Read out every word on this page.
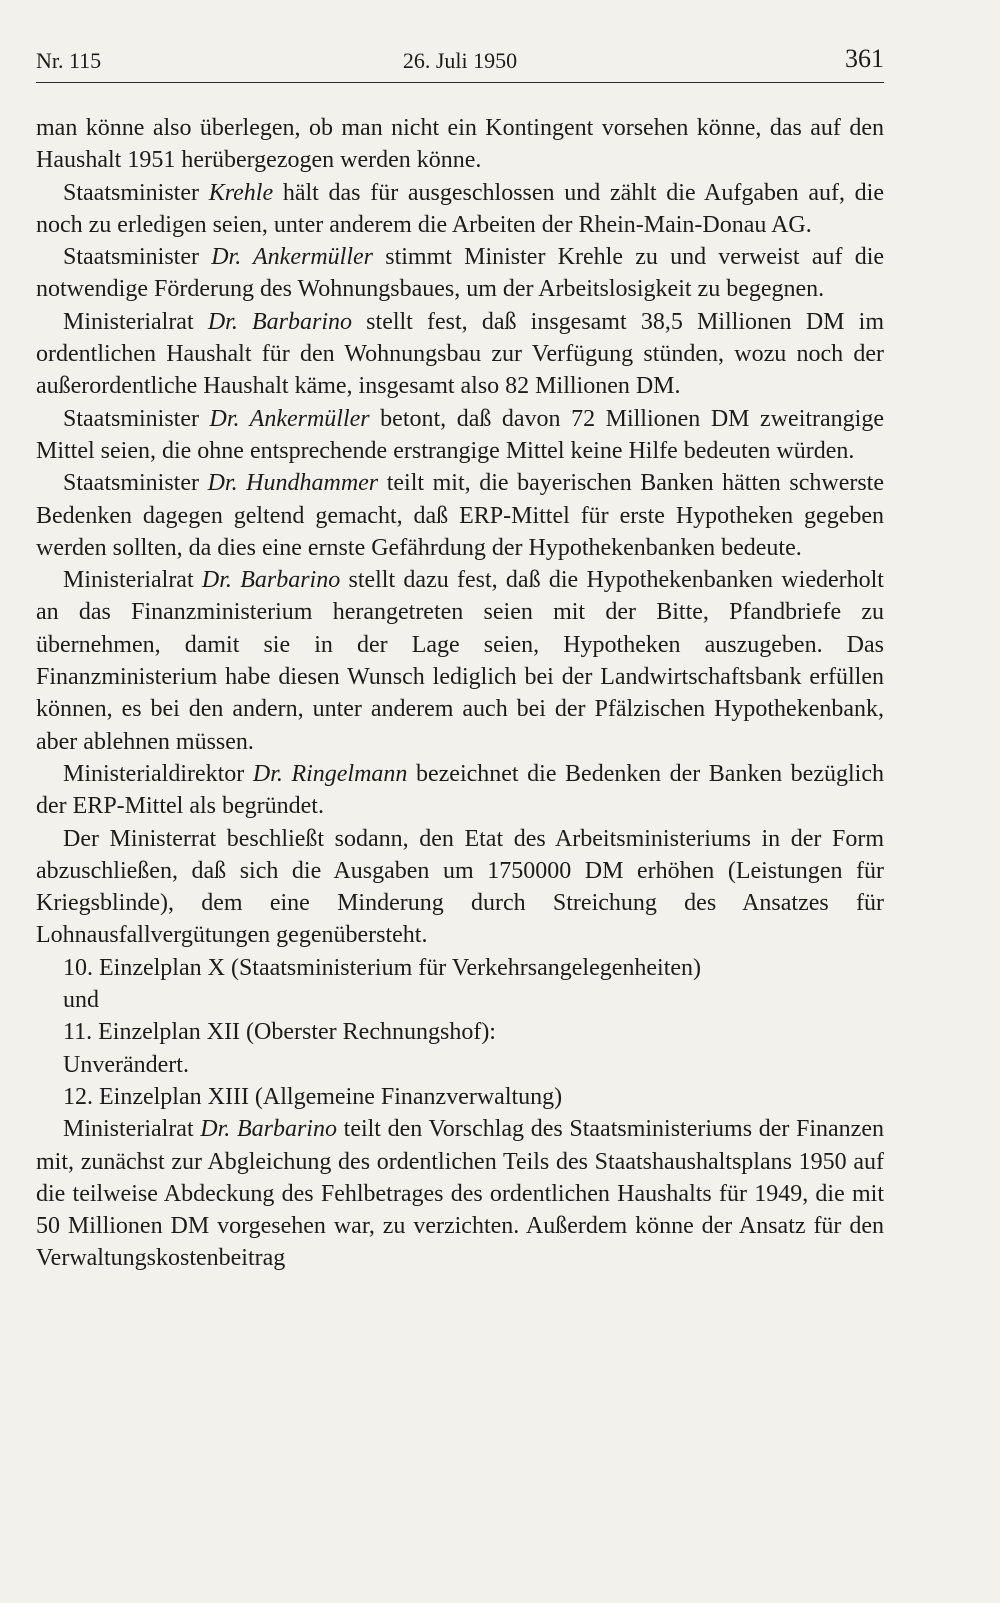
Nr. 115	26. Juli 1950	361

man könne also überlegen, ob man nicht ein Kontingent vorsehen könne, das auf den Haushalt 1951 herübergezogen werden könne.

Staatsminister Krehle hält das für ausgeschlossen und zählt die Aufgaben auf, die noch zu erledigen seien, unter anderem die Arbeiten der Rhein-Main-Donau AG.

Staatsminister Dr. Ankermüller stimmt Minister Krehle zu und verweist auf die notwendige Förderung des Wohnungsbaues, um der Arbeitslosigkeit zu begegnen.

Ministerialrat Dr. Barbarino stellt fest, daß insgesamt 38,5 Millionen DM im ordentlichen Haushalt für den Wohnungsbau zur Verfügung stünden, wozu noch der außerordentliche Haushalt käme, insgesamt also 82 Millionen DM.

Staatsminister Dr. Ankermüller betont, daß davon 72 Millionen DM zweitrangige Mittel seien, die ohne entsprechende erstrangige Mittel keine Hilfe bedeuten würden.

Staatsminister Dr. Hundhammer teilt mit, die bayerischen Banken hätten schwerste Bedenken dagegen geltend gemacht, daß ERP-Mittel für erste Hypotheken gegeben werden sollten, da dies eine ernste Gefährdung der Hypothekenbanken bedeute.

Ministerialrat Dr. Barbarino stellt dazu fest, daß die Hypothekenbanken wiederholt an das Finanzministerium herangetreten seien mit der Bitte, Pfandbriefe zu übernehmen, damit sie in der Lage seien, Hypotheken auszugeben. Das Finanzministerium habe diesen Wunsch lediglich bei der Landwirtschaftsbank erfüllen können, es bei den andern, unter anderem auch bei der Pfälzischen Hypothekenbank, aber ablehnen müssen.

Ministerialdirektor Dr. Ringelmann bezeichnet die Bedenken der Banken bezüglich der ERP-Mittel als begründet.

Der Ministerrat beschließt sodann, den Etat des Arbeitsministeriums in der Form abzuschließen, daß sich die Ausgaben um 1750000 DM erhöhen (Leistungen für Kriegsblinde), dem eine Minderung durch Streichung des Ansatzes für Lohnausfallvergütungen gegenübersteht.

10. Einzelplan X (Staatsministerium für Verkehrsangelegenheiten)

und

11. Einzelplan XII (Oberster Rechnungshof):

Unverändert.

12. Einzelplan XIII (Allgemeine Finanzverwaltung)

Ministerialrat Dr. Barbarino teilt den Vorschlag des Staatsministeriums der Finanzen mit, zunächst zur Abgleichung des ordentlichen Teils des Staatshaushaltsplans 1950 auf die teilweise Abdeckung des Fehlbetrages des ordentlichen Haushalts für 1949, die mit 50 Millionen DM vorgesehen war, zu verzichten. Außerdem könne der Ansatz für den Verwaltungskostenbeitrag
